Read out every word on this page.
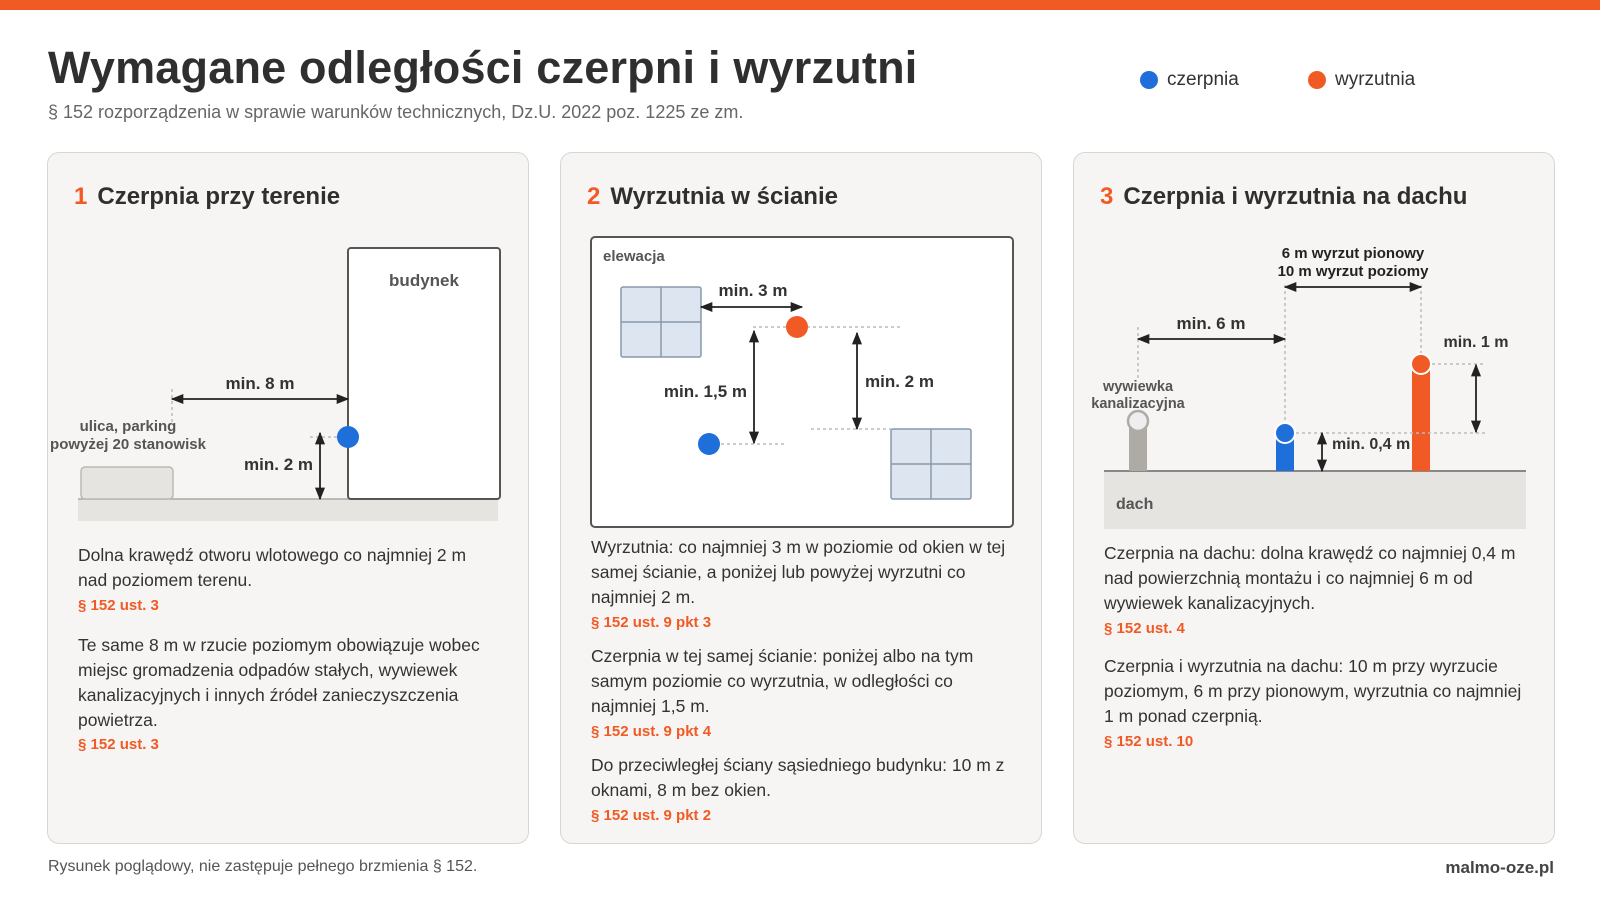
Wymagane odległości czerpni i wyrzutni
§ 152 rozporządzenia w sprawie warunków technicznych, Dz.U. 2022 poz. 1225 ze zm.
czerpnia	wyrzutnia
1 Czerpnia przy terenie
budynek
ulica, parking
powyżej 20 stanowisk
min. 8 m
min. 2 m
Dolna krawędź otworu wlotowego co najmniej 2 m nad poziomem terenu.
§ 152 ust. 3
Te same 8 m w rzucie poziomym obowiązuje wobec miejsc gromadzenia odpadów stałych, wywiewek kanalizacyjnych i innych źródeł zanieczyszczenia powietrza.
§ 152 ust. 3
2 Wyrzutnia w ścianie
elewacja
min. 3 m
min. 1,5 m
min. 2 m
Wyrzutnia: co najmniej 3 m w poziomie od okien w tej samej ścianie, a poniżej lub powyżej wyrzutni co najmniej 2 m.
§ 152 ust. 9 pkt 3
Czerpnia w tej samej ścianie: poniżej albo na tym samym poziomie co wyrzutnia, w odległości co najmniej 1,5 m.
§ 152 ust. 9 pkt 4
Do przeciwległej ściany sąsiedniego budynku: 10 m z oknami, 8 m bez okien.
§ 152 ust. 9 pkt 2
3 Czerpnia i wyrzutnia na dachu
dach
wywiewka
kanalizacyjna
6 m wyrzut pionowy
10 m wyrzut poziomy
min. 6 m
min. 1 m
min. 0,4 m
Czerpnia na dachu: dolna krawędź co najmniej 0,4 m nad powierzchnią montażu i co najmniej 6 m od wywiewek kanalizacyjnych.
§ 152 ust. 4
Czerpnia i wyrzutnia na dachu: 10 m przy wyrzucie poziomym, 6 m przy pionowym, wyrzutnia co najmniej 1 m ponad czerpnią.
§ 152 ust. 10
Rysunek poglądowy, nie zastępuje pełnego brzmienia § 152.	malmo-oze.pl
